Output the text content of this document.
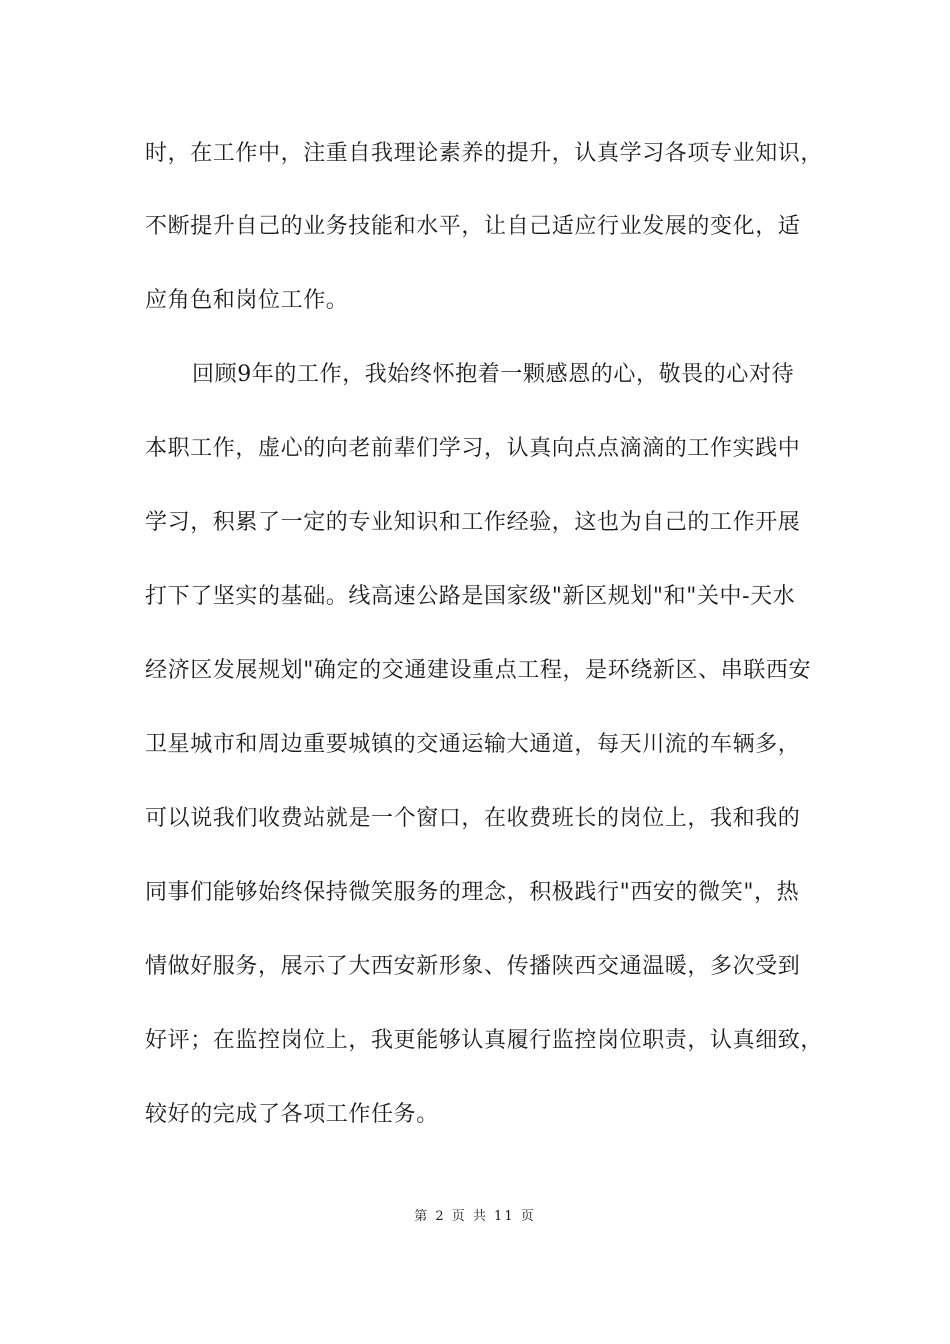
时，在工作中，注重自我理论素养的提升，认真学习各项专业知识，
不断提升自己的业务技能和水平，让自己适应行业发展的变化，适
应角色和岗位工作。
回顾9年的工作，我始终怀抱着一颗感恩的心，敬畏的心对待
本职工作，虚心的向老前辈们学习，认真向点点滴滴的工作实践中
学习，积累了一定的专业知识和工作经验，这也为自己的工作开展
打下了坚实的基础。线高速公路是国家级"新区规划"和"关中-天水
经济区发展规划"确定的交通建设重点工程，是环绕新区、串联西安
卫星城市和周边重要城镇的交通运输大通道，每天川流的车辆多，
可以说我们收费站就是一个窗口，在收费班长的岗位上，我和我的
同事们能够始终保持微笑服务的理念，积极践行"西安的微笑"，热
情做好服务，展示了大西安新形象、传播陕西交通温暖，多次受到
好评；在监控岗位上，我更能够认真履行监控岗位职责，认真细致，
较好的完成了各项工作任务。
第 2 页 共 11 页
